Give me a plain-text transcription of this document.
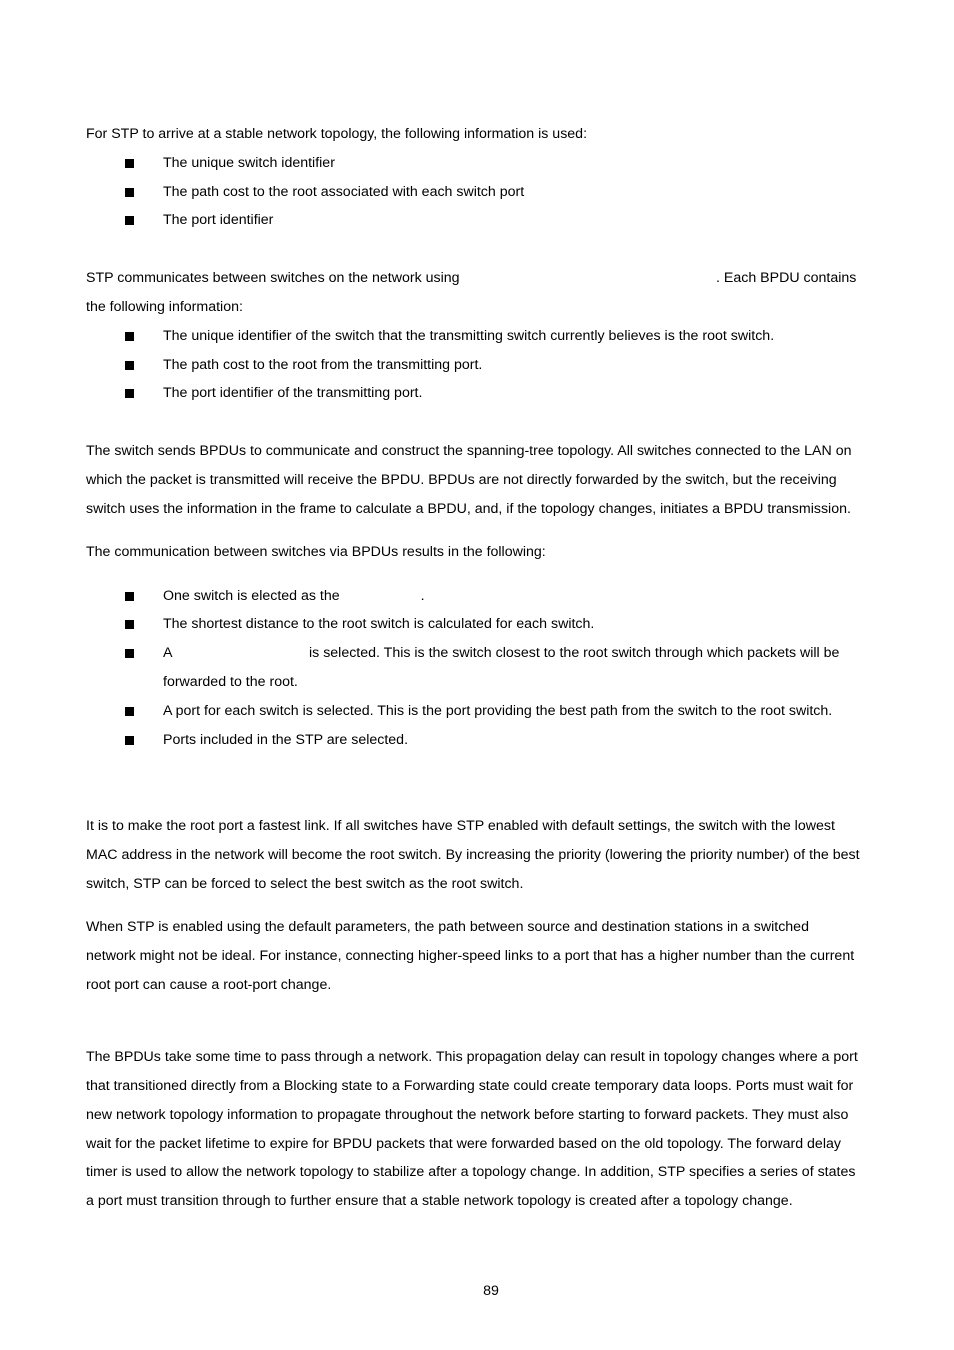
For STP to arrive at a stable network topology, the following information is used:
The unique switch identifier
The path cost to the root associated with each switch port
The port identifier
STP communicates between switches on the network using	. Each BPDU contains
the following information:
The unique identifier of the switch that the transmitting switch currently believes is the root switch.
The path cost to the root from the transmitting port.
The port identifier of the transmitting port.
The switch sends BPDUs to communicate and construct the spanning-tree topology. All switches connected to the LAN on
which the packet is transmitted will receive the BPDU. BPDUs are not directly forwarded by the switch, but the receiving
switch uses the information in the frame to calculate a BPDU, and, if the topology changes, initiates a BPDU transmission.
The communication between switches via BPDUs results in the following:
One switch is elected as the	.
The shortest distance to the root switch is calculated for each switch.
A	is selected. This is the switch closest to the root switch through which packets will be
forwarded to the root.
A port for each switch is selected. This is the port providing the best path from the switch to the root switch.
Ports included in the STP are selected.
It is to make the root port a fastest link. If all switches have STP enabled with default settings, the switch with the lowest
MAC address in the network will become the root switch. By increasing the priority (lowering the priority number) of the best
switch, STP can be forced to select the best switch as the root switch.
When STP is enabled using the default parameters, the path between source and destination stations in a switched
network might not be ideal. For instance, connecting higher-speed links to a port that has a higher number than the current
root port can cause a root-port change.
The BPDUs take some time to pass through a network. This propagation delay can result in topology changes where a port
that transitioned directly from a Blocking state to a Forwarding state could create temporary data loops. Ports must wait for
new network topology information to propagate throughout the network before starting to forward packets. They must also
wait for the packet lifetime to expire for BPDU packets that were forwarded based on the old topology. The forward delay
timer is used to allow the network topology to stabilize after a topology change. In addition, STP specifies a series of states
a port must transition through to further ensure that a stable network topology is created after a topology change.
89
